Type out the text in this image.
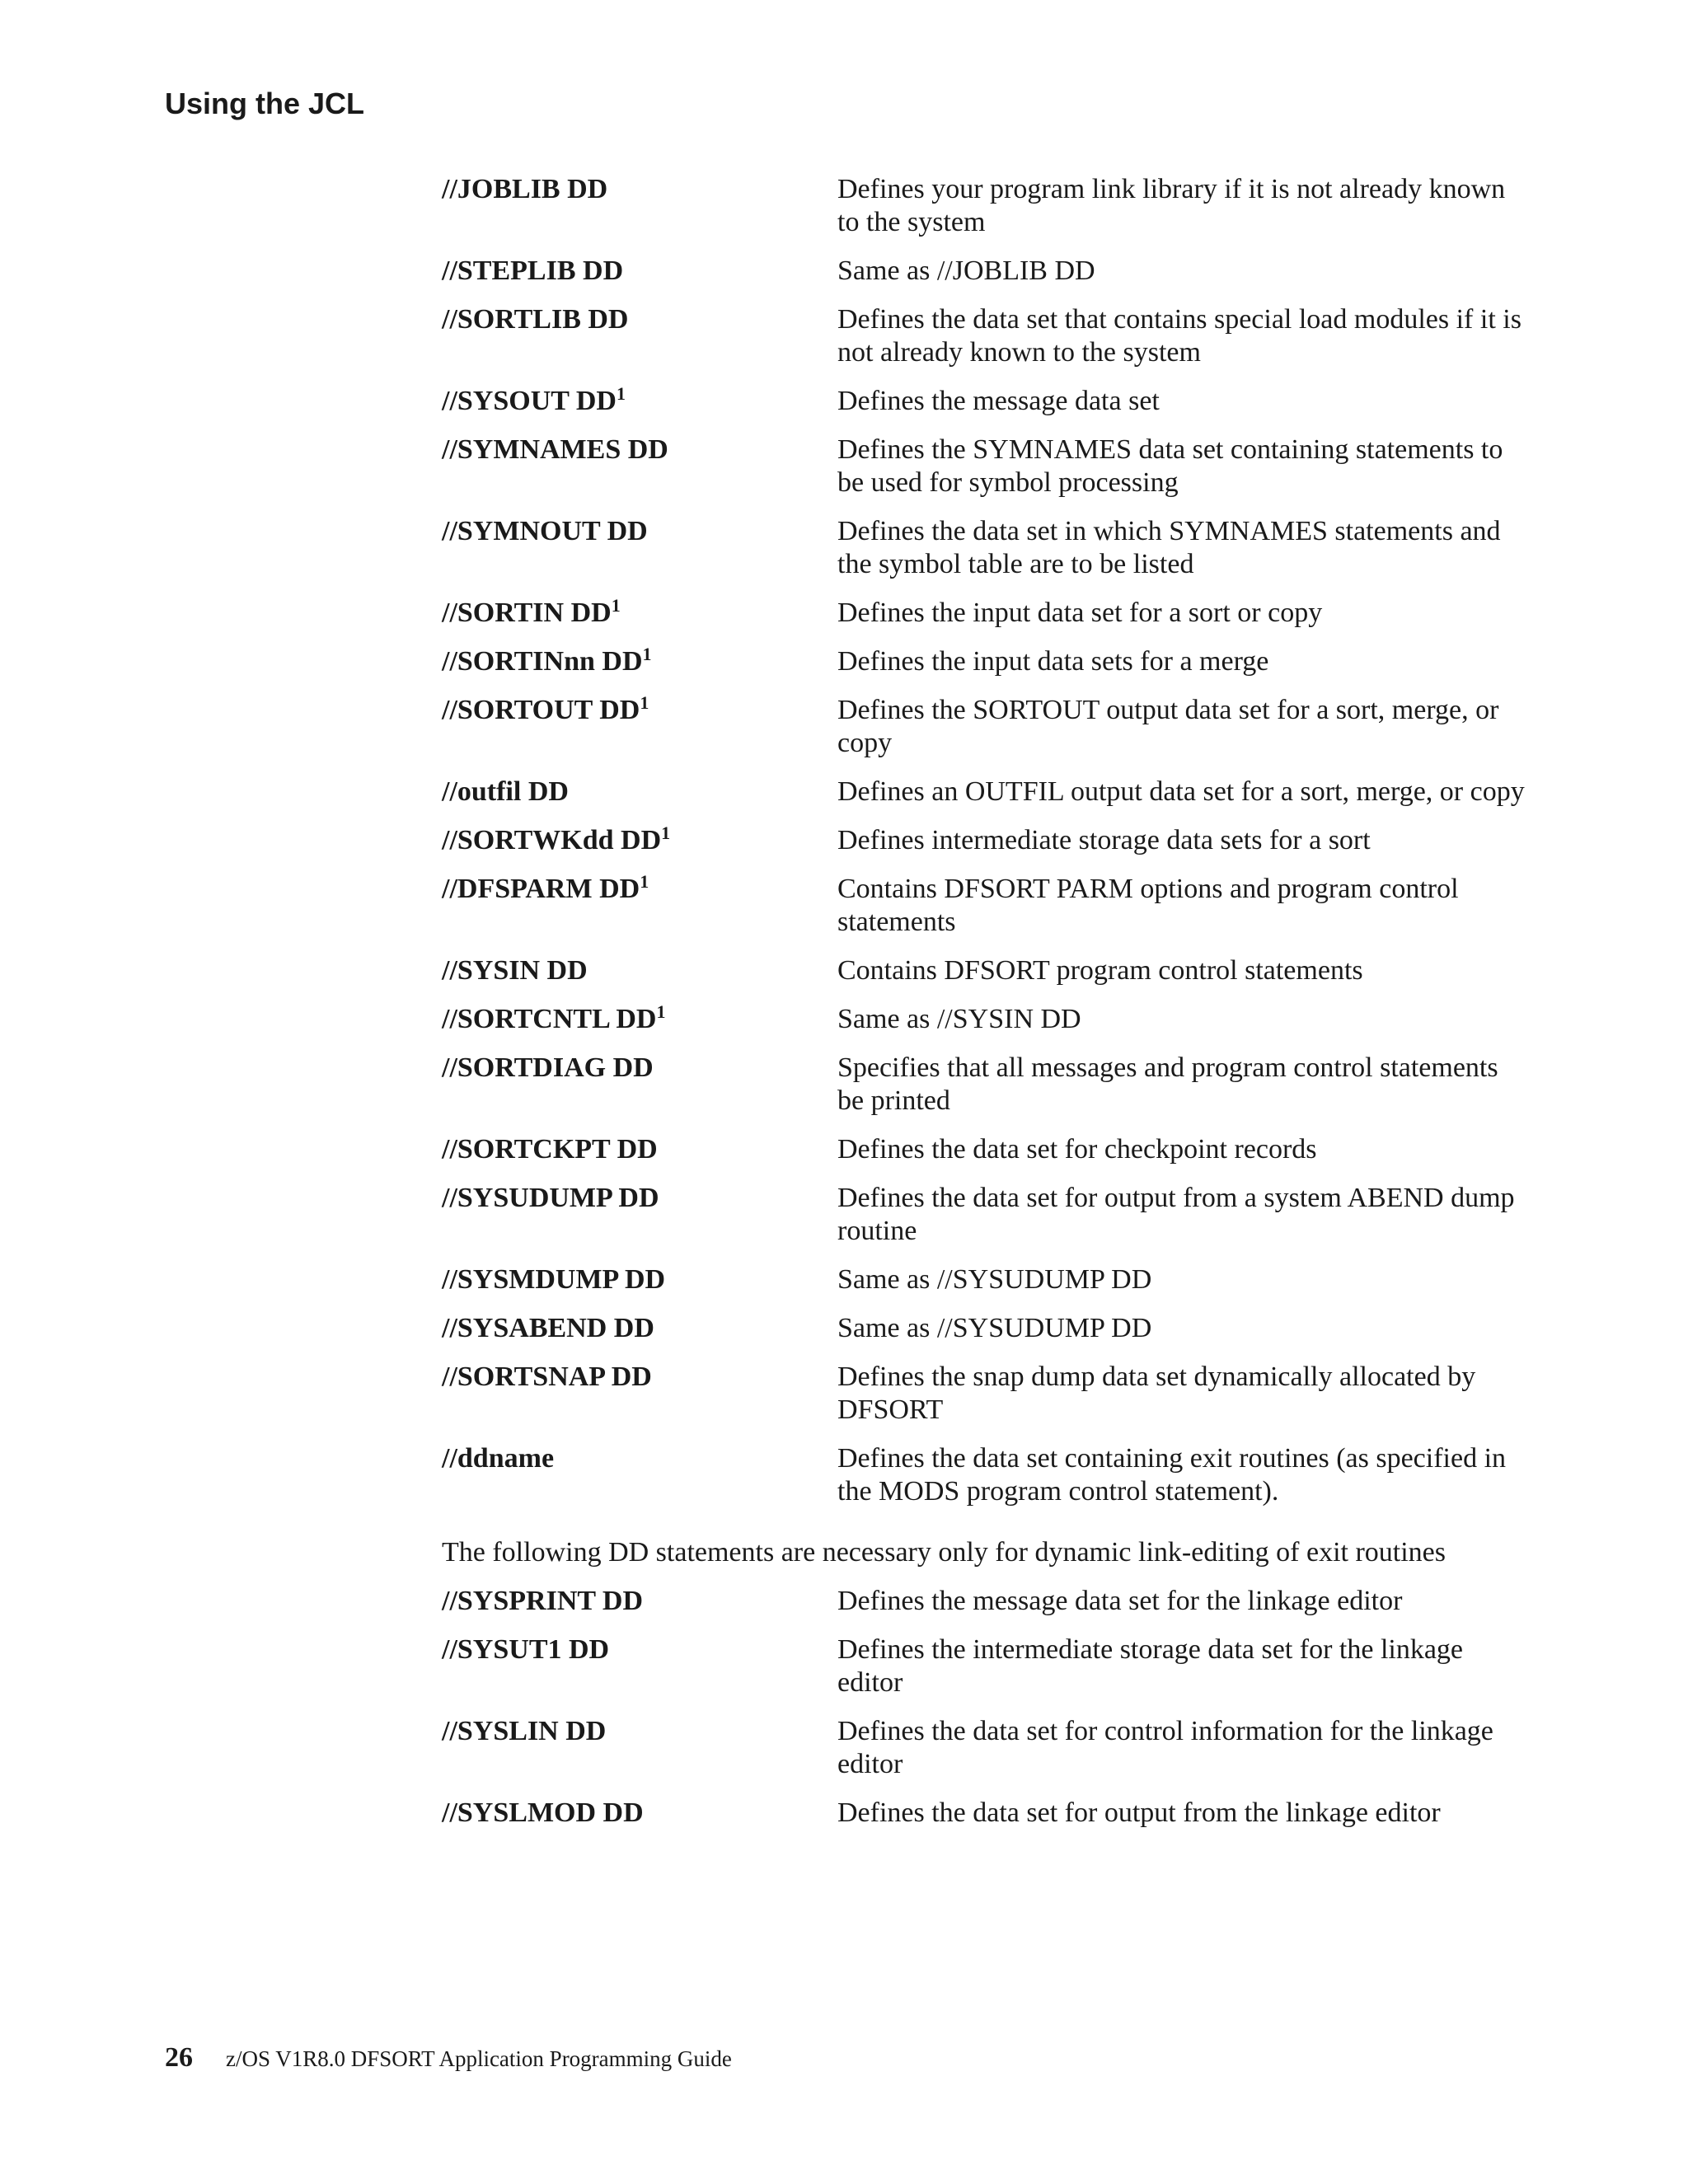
Using the JCL
//JOBLIB DD	Defines your program link library if it is not already known to the system
//STEPLIB DD	Same as //JOBLIB DD
//SORTLIB DD	Defines the data set that contains special load modules if it is not already known to the system
//SYSOUT $DD^1$	Defines the message data set
//SYMNAMES DD	Defines the SYMNAMES data set containing statements to be used for symbol processing
//SYMNOUT DD	Defines the data set in which SYMNAMES statements and the symbol table are to be listed
//SORTIN $DD^1$	Defines the input data set for a sort or copy
//SORTINnn $DD^1$	Defines the input data sets for a merge
//SORTOUT $DD^1$	Defines the SORTOUT output data set for a sort, merge, or copy
//outfil DD	Defines an OUTFIL output data set for a sort, merge, or copy
//SORTWKdd $DD^1$	Defines intermediate storage data sets for a sort
//DFSPARM $DD^1$	Contains DFSORT PARM options and program control statements
//SYSIN DD	Contains DFSORT program control statements
//SORTCNTL $DD^1$	Same as //SYSIN DD
//SORTDIAG DD	Specifies that all messages and program control statements be printed
//SORTCKPT DD	Defines the data set for checkpoint records
//SYSUDUMP DD	Defines the data set for output from a system ABEND dump routine
//SYSMDUMP DD	Same as //SYSUDUMP DD
//SYSABEND DD	Same as //SYSUDUMP DD
//SORTSNAP DD	Defines the snap dump data set dynamically allocated by DFSORT
//ddname	Defines the data set containing exit routines (as specified in the MODS program control statement).

The following DD statements are necessary only for dynamic link-editing of exit routines

//SYSPRINT DD	Defines the message data set for the linkage editor
//SYSUT1 DD	Defines the intermediate storage data set for the linkage editor
//SYSLIN DD	Defines the data set for control information for the linkage editor
//SYSLMOD DD	Defines the data set for output from the linkage editor
26 z/OS V1R8.0 DFSORT Application Programming Guide
